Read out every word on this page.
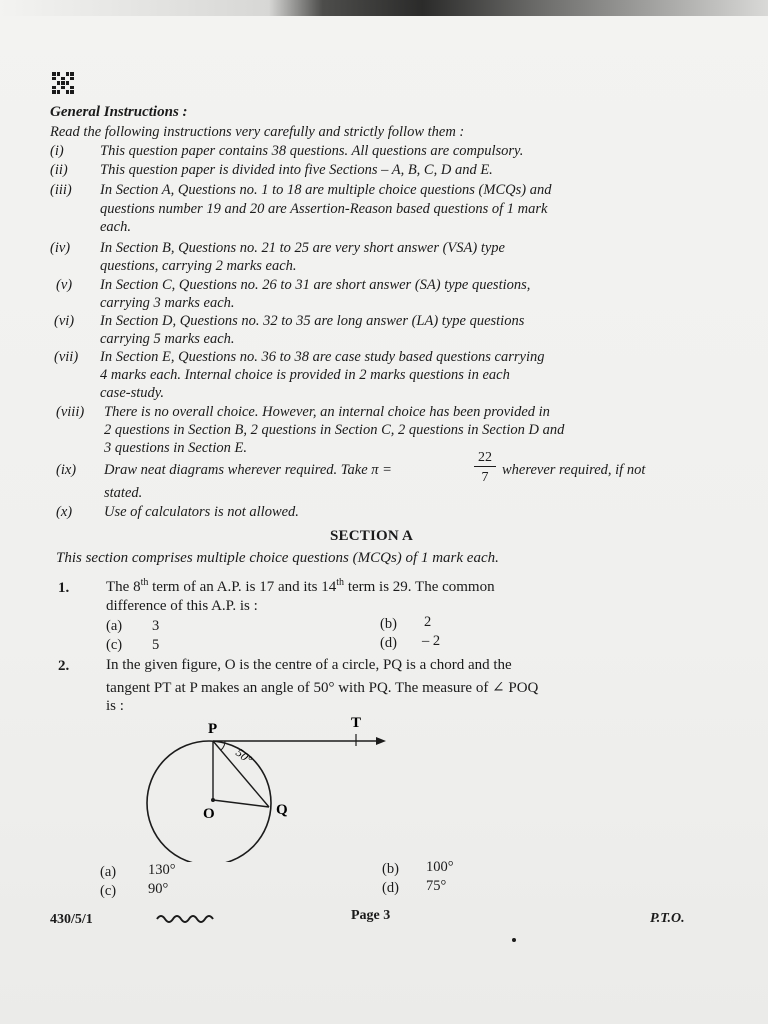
General Instructions :
Read the following instructions very carefully and strictly follow them :
(i)	This question paper contains 38 questions. All questions are compulsory.
(ii) This question paper is divided into five Sections – A, B, C, D and E.
(iii) In Section A, Questions no. 1 to 18 are multiple choice questions (MCQs) and
questions number 19 and 20 are Assertion-Reason based questions of 1 mark
each.
(iv) In Section B, Questions no. 21 to 25 are very short answer (VSA) type
questions, carrying 2 marks each.
(v) In Section C, Questions no. 26 to 31 are short answer (SA) type questions,
carrying 3 marks each.
(vi) In Section D, Questions no. 32 to 35 are long answer (LA) type questions
carrying 5 marks each.
(vii) In Section E, Questions no. 36 to 38 are case study based questions carrying
4 marks each. Internal choice is provided in 2 marks questions in each
case-study.
(viii) There is no overall choice. However, an internal choice has been provided in
2 questions in Section B, 2 questions in Section C, 2 questions in Section D and
3 questions in Section E.
(ix) Draw neat diagrams wherever required. Take π =
22
7 wherever required, if not
stated.
(x) Use of calculators is not allowed.
SECTION A
This section comprises multiple choice questions (MCQs) of 1 mark each.
1. The 8th term of an A.P. is 17 and its 14th term is 29. The common
difference of this A.P. is :
(a) 3	(b) 2
(c) 5	(d) – 2
2. In the given figure, O is the centre of a circle, PQ is a chord and the
tangent PT at P makes an angle of 50° with PQ. The measure of ∠ POQ
is :
P	T
O	Q
50°
(a) 130°	(b) 100°
(c) 90°	(d) 75°
430/5/1	Page 3	P.T.O.
